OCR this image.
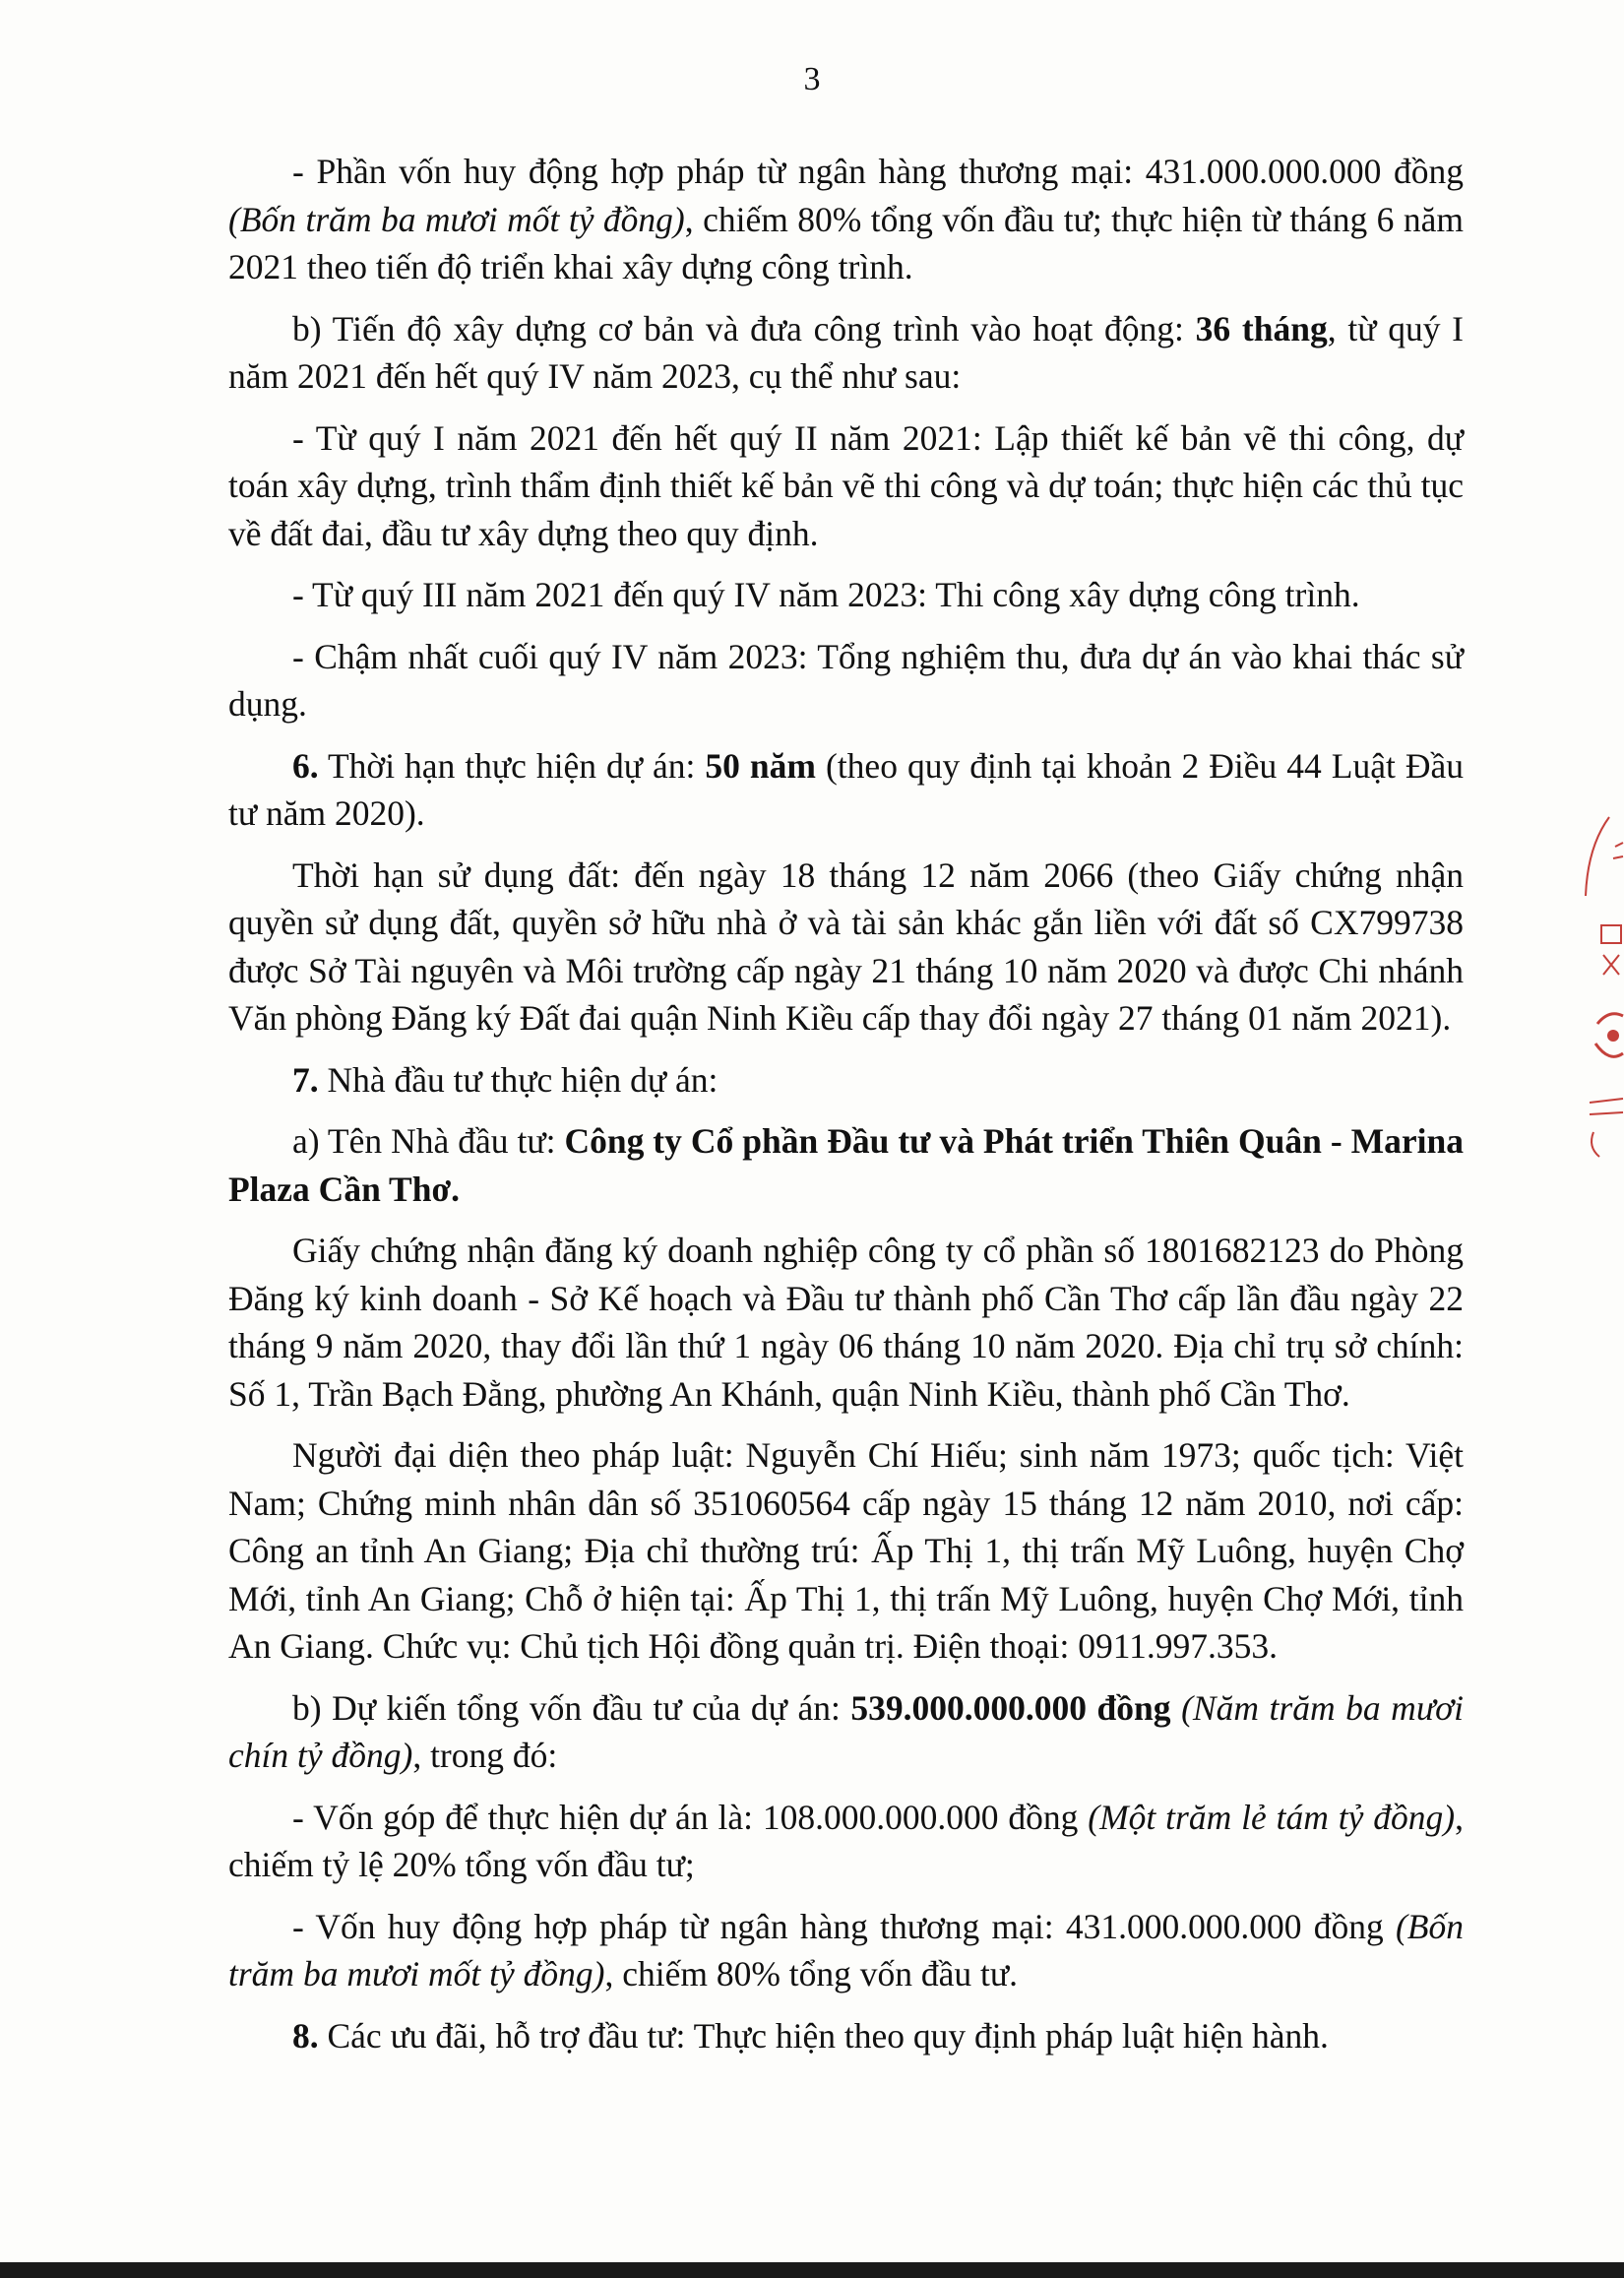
3

- Phần vốn huy động hợp pháp từ ngân hàng thương mại: 431.000.000.000 đồng (Bốn trăm ba mươi mốt tỷ đồng), chiếm 80% tổng vốn đầu tư; thực hiện từ tháng 6 năm 2021 theo tiến độ triển khai xây dựng công trình.

b) Tiến độ xây dựng cơ bản và đưa công trình vào hoạt động: 36 tháng, từ quý I năm 2021 đến hết quý IV năm 2023, cụ thể như sau:

- Từ quý I năm 2021 đến hết quý II năm 2021: Lập thiết kế bản vẽ thi công, dự toán xây dựng, trình thẩm định thiết kế bản vẽ thi công và dự toán; thực hiện các thủ tục về đất đai, đầu tư xây dựng theo quy định.

- Từ quý III năm 2021 đến quý IV năm 2023: Thi công xây dựng công trình.

- Chậm nhất cuối quý IV năm 2023: Tổng nghiệm thu, đưa dự án vào khai thác sử dụng.

6. Thời hạn thực hiện dự án: 50 năm (theo quy định tại khoản 2 Điều 44 Luật Đầu tư năm 2020).

Thời hạn sử dụng đất: đến ngày 18 tháng 12 năm 2066 (theo Giấy chứng nhận quyền sử dụng đất, quyền sở hữu nhà ở và tài sản khác gắn liền với đất số CX799738 được Sở Tài nguyên và Môi trường cấp ngày 21 tháng 10 năm 2020 và được Chi nhánh Văn phòng Đăng ký Đất đai quận Ninh Kiều cấp thay đổi ngày 27 tháng 01 năm 2021).

7. Nhà đầu tư thực hiện dự án:

a) Tên Nhà đầu tư: Công ty Cổ phần Đầu tư và Phát triển Thiên Quân - Marina Plaza Cần Thơ.

Giấy chứng nhận đăng ký doanh nghiệp công ty cổ phần số 1801682123 do Phòng Đăng ký kinh doanh - Sở Kế hoạch và Đầu tư thành phố Cần Thơ cấp lần đầu ngày 22 tháng 9 năm 2020, thay đổi lần thứ 1 ngày 06 tháng 10 năm 2020. Địa chỉ trụ sở chính: Số 1, Trần Bạch Đằng, phường An Khánh, quận Ninh Kiều, thành phố Cần Thơ.

Người đại diện theo pháp luật: Nguyễn Chí Hiếu; sinh năm 1973; quốc tịch: Việt Nam; Chứng minh nhân dân số 351060564 cấp ngày 15 tháng 12 năm 2010, nơi cấp: Công an tỉnh An Giang; Địa chỉ thường trú: Ấp Thị 1, thị trấn Mỹ Luông, huyện Chợ Mới, tỉnh An Giang; Chỗ ở hiện tại: Ấp Thị 1, thị trấn Mỹ Luông, huyện Chợ Mới, tỉnh An Giang. Chức vụ: Chủ tịch Hội đồng quản trị. Điện thoại: 0911.997.353.

b) Dự kiến tổng vốn đầu tư của dự án: 539.000.000.000 đồng (Năm trăm ba mươi chín tỷ đồng), trong đó:

- Vốn góp để thực hiện dự án là: 108.000.000.000 đồng (Một trăm lẻ tám tỷ đồng), chiếm tỷ lệ 20% tổng vốn đầu tư;

- Vốn huy động hợp pháp từ ngân hàng thương mại: 431.000.000.000 đồng (Bốn trăm ba mươi mốt tỷ đồng), chiếm 80% tổng vốn đầu tư.

8. Các ưu đãi, hỗ trợ đầu tư: Thực hiện theo quy định pháp luật hiện hành.
